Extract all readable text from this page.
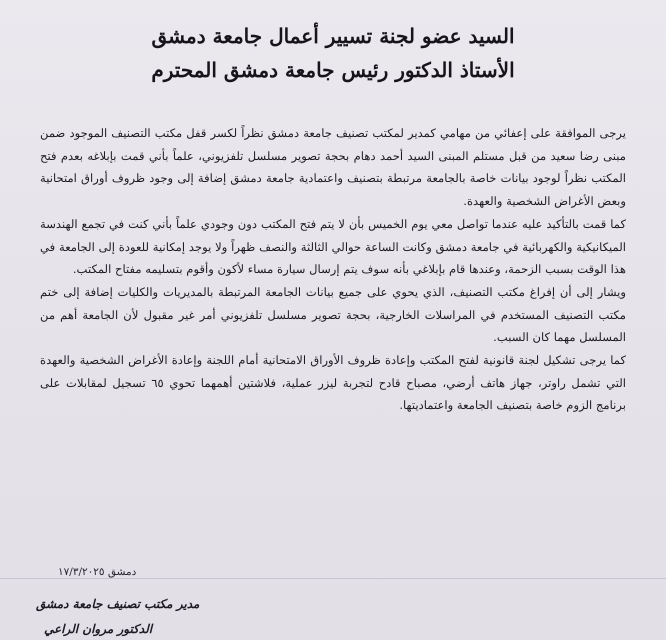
السيد عضو لجنة تسيير أعمال جامعة دمشق
الأستاذ الدكتور رئيس جامعة دمشق المحترم

يرجى الموافقة على إعفائي من مهامي كمدير لمكتب تصنيف جامعة دمشق نظراً لكسر قفل مكتب التصنيف الموجود ضمن مبنى رضا سعيد من قبل مستلم المبنى السيد أحمد دهام بحجة تصوير مسلسل تلفزيوني، علماً بأني قمت بإبلاغه بعدم فتح المكتب نظراً لوجود بيانات خاصة بالجامعة مرتبطة بتصنيف واعتمادية جامعة دمشق إضافة إلى وجود ظروف أوراق امتحانية وبعض الأغراض الشخصية والعهدة.

كما قمت بالتأكيد عليه عندما تواصل معي يوم الخميس بأن لا يتم فتح المكتب دون وجودي علماً بأني كنت في تجمع الهندسة الميكانيكية والكهربائية في جامعة دمشق وكانت الساعة حوالي الثالثة والنصف ظهراً ولا يوجد إمكانية للعودة إلى الجامعة في هذا الوقت بسبب الزحمة، وعندها قام بإبلاغي بأنه سوف يتم إرسال سيارة مساء لأكون وأقوم بتسليمه مفتاح المكتب.

ويشار إلى أن إفراغ مكتب التصنيف، الذي يحوي على جميع بيانات الجامعة المرتبطة بالمديريات والكليات إضافة إلى ختم مكتب التصنيف المستخدم في المراسلات الخارجية، بحجة تصوير مسلسل تلفزيوني أمر غير مقبول لأن الجامعة أهم من المسلسل مهما كان السبب.

كما يرجى تشكيل لجنة قانونية لفتح المكتب وإعادة ظروف الأوراق الامتحانية أمام اللجنة وإعادة الأغراض الشخصية والعهدة التي تشمل راوتر، جهاز هاتف أرضي، مصباح قادح لتجربة ليزر عملية، فلاشتين أهمهما تحوي ٦٥ تسجيل لمقابلات على برنامج الزوم خاصة بتصنيف الجامعة واعتماديتها.

دمشق ١٧/٣/٢٠٢٥
مدير مكتب تصنيف جامعة دمشق
الدكتور مروان الراعي
